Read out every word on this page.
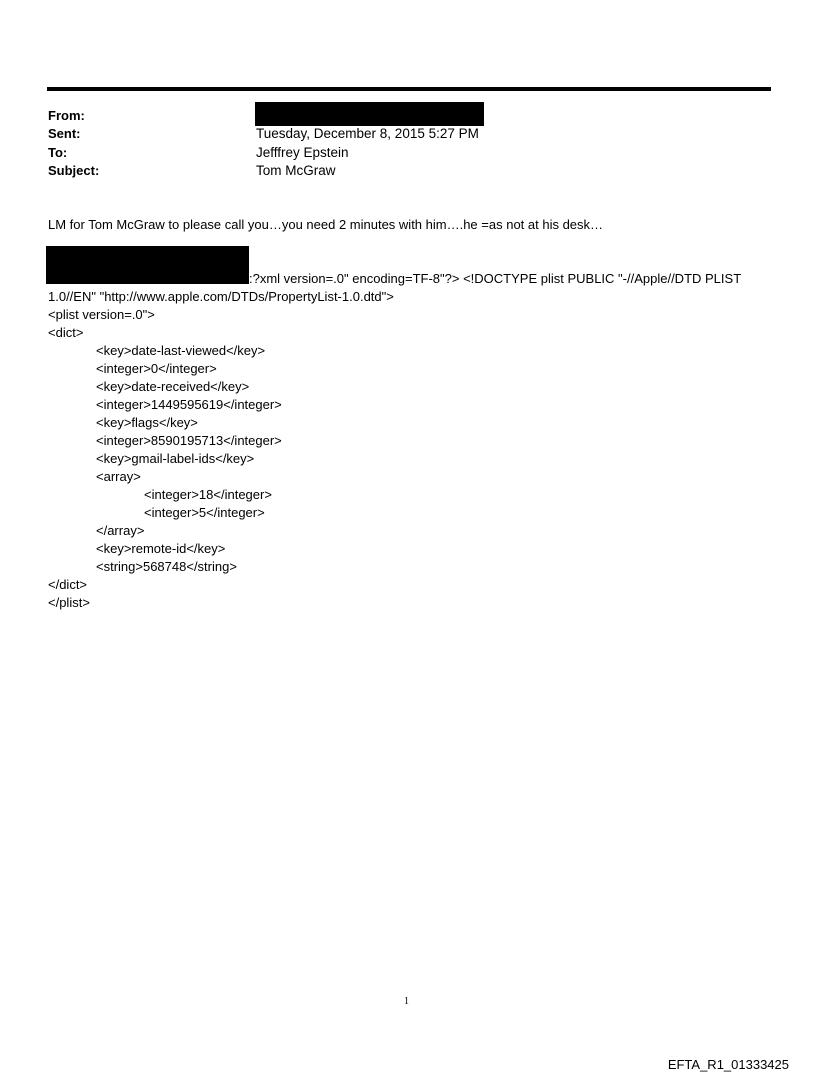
From:
Sent:	Tuesday, December 8, 2015 5:27 PM
To:	Jefffrey Epstein
Subject:	Tom McGraw
LM for Tom McGraw to please call you…you need 2 minutes with him….he =as not at his desk…
:?xml version=.0" encoding=TF-8"?> <!DOCTYPE plist PUBLIC "-//Apple//DTD PLIST
1.0//EN" "http://www.apple.com/DTDs/PropertyList-1.0.dtd">
<plist version=.0">
<dict>
<key>date-last-viewed</key>
<integer>0</integer>
<key>date-received</key>
<integer>1449595619</integer>
<key>flags</key>
<integer>8590195713</integer>
<key>gmail-label-ids</key>
<array>
<integer>18</integer>
<integer>5</integer>
</array>
<key>remote-id</key>
<string>568748</string>
</dict>
</plist>
1
EFTA_R1_01333425
